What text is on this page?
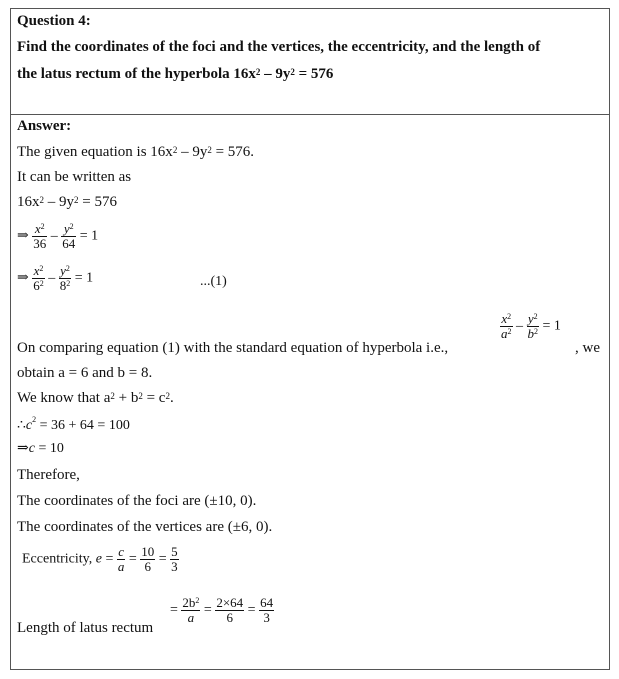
Question 4:
Find the coordinates of the foci and the vertices, the eccentricity, and the length of
the latus rectum of the hyperbola $16x^2 - 9y^2 = 576$
Answer:
The given equation is $16x^2 - 9y^2 = 576$.
It can be written as
$16x^2 - 9y^2 = 576$
⇒ $\frac{x^2}{36} - \frac{y^2}{64} = 1$
⇒ $\frac{x^2}{6^2} - \frac{y^2}{8^2} = 1$	...(1)
$\frac{x^2}{a^2} - \frac{y^2}{b^2} = 1$
On comparing equation (1) with the standard equation of hyperbola i.e.,	, we
obtain a = 6 and b = 8.
We know that $a^2 + b^2 = c^2$.
$\therefore c^2 = 36 + 64 = 100$
⇒c = 10
Therefore,
The coordinates of the foci are (±10, 0).
The coordinates of the vertices are (±6, 0).
Eccentricity, $e = \frac{c}{a} = \frac{10}{6} = \frac{5}{3}$
= $\frac{2b^2}{a} = \frac{2\times 64}{6} = \frac{64}{3}$
Length of latus rectum
